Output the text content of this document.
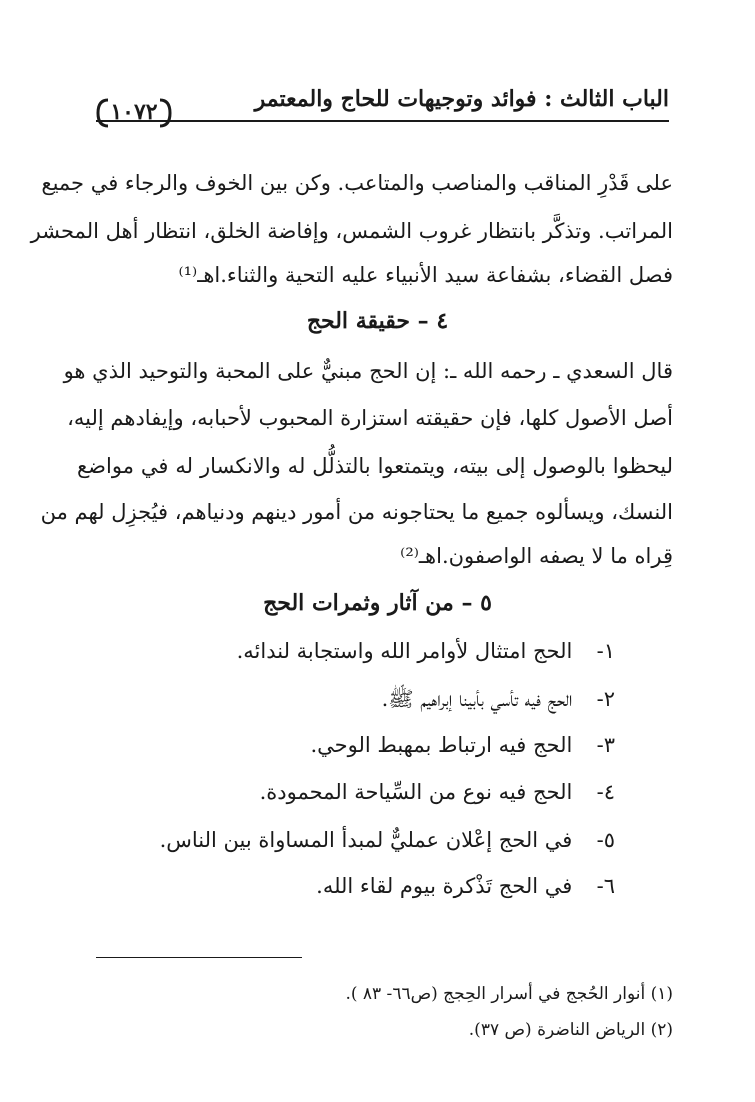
الباب الثالث : فوائد وتوجيهات للحاج والمعتمر
١٠٧٢
على قَدْرِ المناقب والمناصب والمتاعب. وكن بين الخوف والرجاء في جميع
المراتب. وتذكَّر بانتظار غروب الشمس، وإفاضة الخلق، انتظار أهل المحشر
فصل القضاء، بشفاعة سيد الأنبياء عليه التحية والثناء.اهـ⁽¹⁾
٤ – حقيقة الحج
قال السعدي ـ رحمه الله ـ: إن الحج مبنيٌّ على المحبة والتوحيد الذي هو
أصل الأصول كلها، فإن حقيقته استزارة المحبوب لأحبابه، وإيفادهم إليه،
ليحظوا بالوصول إلى بيته، ويتمتعوا بالتذلُّل له والانكسار له في مواضع
النسك، ويسألوه جميع ما يحتاجونه من أمور دينهم ودنياهم، فيُجزِل لهم من
قِراه ما لا يصفه الواصفون.اهـ⁽²⁾
٥ – من آثار وثمرات الحج
١- الحج امتثال لأوامر الله واستجابة لندائه.
٢- الحج فيه تأسي بأبينا إبراهيم ﷺ.
٣- الحج فيه ارتباط بمهبط الوحي.
٤- الحج فيه نوع من السِّياحة المحمودة.
٥- في الحج إعْلان عمليٌّ لمبدأ المساواة بين الناس.
٦- في الحج تَذْكرة بيوم لقاء الله.
(١) أنوار الحُجج في أسرار الحِجج (ص٦٦- ٨٣ ).
(٢) الرياض الناضرة (ص ٣٧).
